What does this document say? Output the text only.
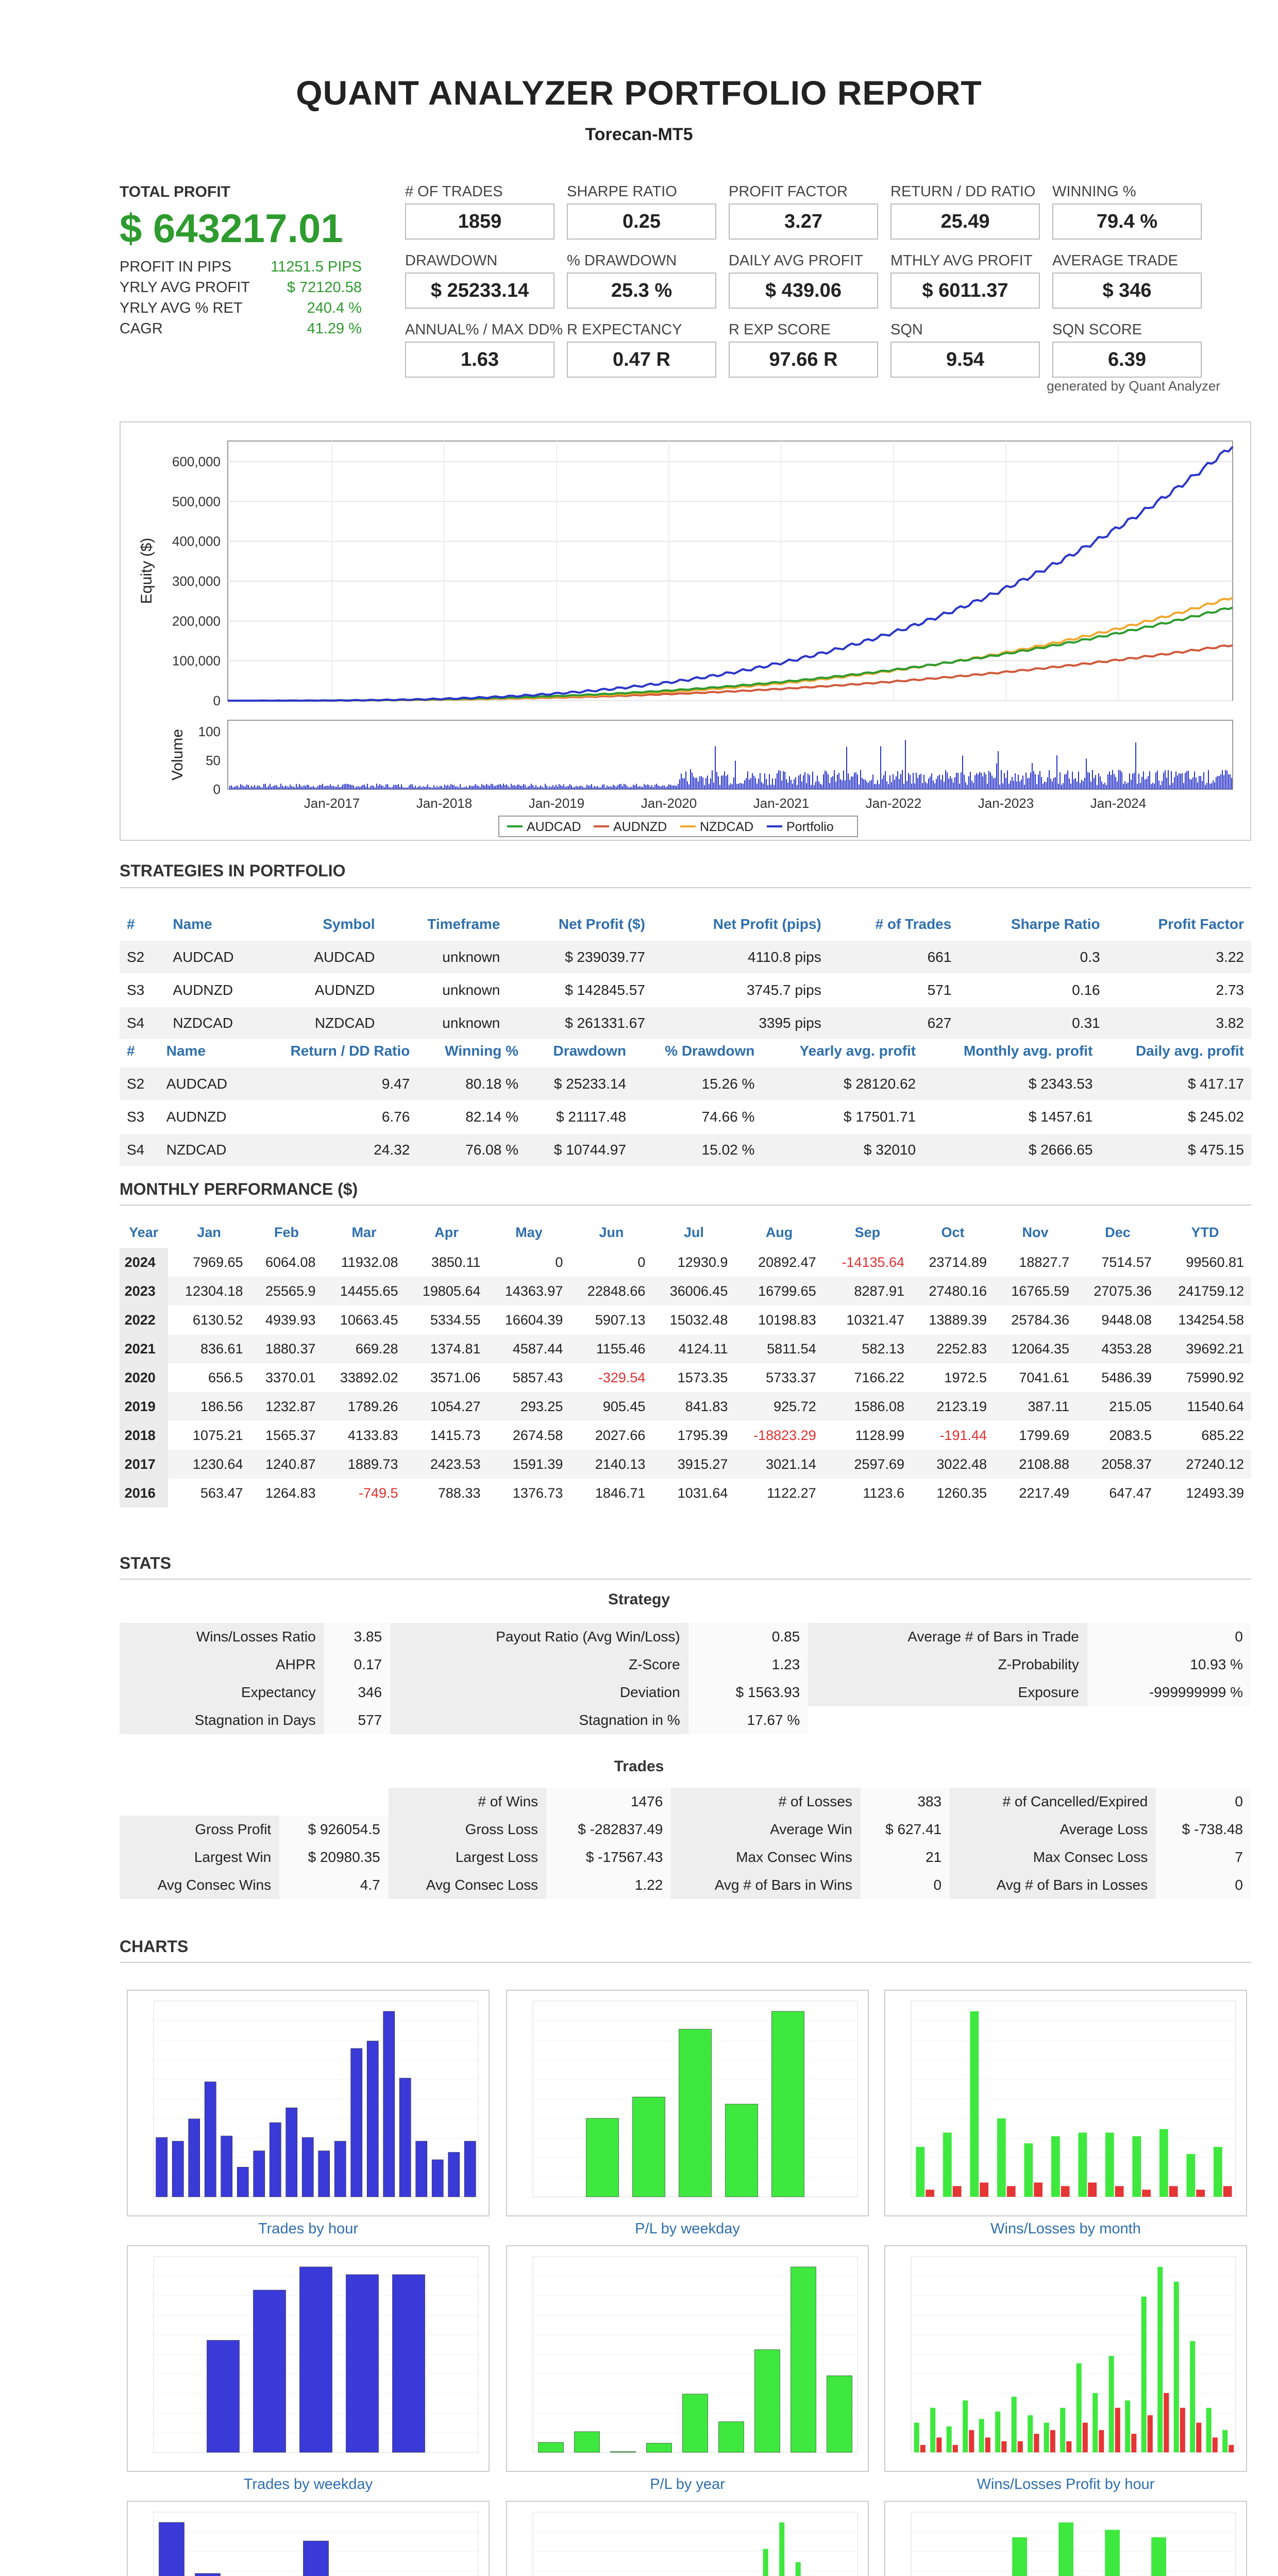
QUANT ANALYZER PORTFOLIO REPORT
Torecan-MT5
TOTAL PROFIT
$ 643217.01
PROFIT IN PIPS	11251.5 PIPS
YRLY AVG PROFIT $ 72120.58
YRLY AVG % RET	240.4 %
CAGR	41.29 %
# OF TRADES
1859
SHARPE RATIO
0.25
PROFIT FACTOR
3.27
RETURN / DD RATIO
25.49
WINNING %
79.4 %
DRAWDOWN
$ 25233.14
% DRAWDOWN
25.3 %
DAILY AVG PROFIT
$ 439.06
MTHLY AVG PROFIT
$ 6011.37
AVERAGE TRADE
$ 346
ANNUAL% / MAX DD%
1.63
R EXPECTANCY
0.47 R
R EXP SCORE
97.66 R
SQN
9.54
SQN SCORE
6.39
generated by Quant Analyzer
600,000
500,000
400,000
300,000
200,000
100,000
0
Equity ($)
100
50
0
Volume
Jan-2017	Jan-2018	Jan-2019	Jan-2020	Jan-2021	Jan-2022	Jan-2023	Jan-2024
AUDCAD AUDNZD	NZDCAD	Portfolio
STRATEGIES IN PORTFOLIO
#	Name	Symbol	Timeframe	Net Profit ($)	Net Profit (pips)	# of Trades	Sharpe Ratio	Profit Factor
S2	AUDCAD	AUDCAD	unknown	$ 239039.77	4110.8 pips	661	0.3	3.22
S3	AUDNZD	AUDNZD	unknown	$ 142845.57	3745.7 pips	571	0.16	2.73
S4	NZDCAD	NZDCAD	unknown	$ 261331.67	3395 pips	627	0.31	3.82
#	Name	Return / DD Ratio	Winning %	Drawdown	% Drawdown	Yearly avg. profit	Monthly avg. profit	Daily avg. profit
S2	AUDCAD	9.47	80.18 %	$ 25233.14	15.26 %	$ 28120.62	$ 2343.53	$ 417.17
S3	AUDNZD	6.76	82.14 %	$ 21117.48	74.66 %	$ 17501.71	$ 1457.61	$ 245.02
S4	NZDCAD	24.32	76.08 %	$ 10744.97	15.02 %	$ 32010	$ 2666.65	$ 475.15
MONTHLY PERFORMANCE ($)
Year	Jan	Feb	Mar	Apr	May	Jun	Jul	Aug	Sep	Oct	Nov	Dec	YTD
2024	7969.65	6064.08	11932.08	3850.11	0	0	12930.9	20892.47	-14135.64	23714.89	18827.7	7514.57	99560.81
2023	12304.18	25565.9	14455.65	19805.64	14363.97	22848.66	36006.45	16799.65	8287.91	27480.16	16765.59	27075.36	241759.12
2022	6130.52	4939.93	10663.45	5334.55	16604.39	5907.13	15032.48	10198.83	10321.47	13889.39	25784.36	9448.08	134254.58
2021	836.61	1880.37	669.28	1374.81	4587.44	1155.46	4124.11	5811.54	582.13	2252.83	12064.35	4353.28	39692.21
2020	656.5	3370.01	33892.02	3571.06	5857.43	-329.54	1573.35	5733.37	7166.22	1972.5	7041.61	5486.39	75990.92
2019	186.56	1232.87	1789.26	1054.27	293.25	905.45	841.83	925.72	1586.08	2123.19	387.11	215.05	11540.64
2018	1075.21	1565.37	4133.83	1415.73	2674.58	2027.66	1795.39	-18823.29	1128.99	-191.44	1799.69	2083.5	685.22
2017	1230.64	1240.87	1889.73	2423.53	1591.39	2140.13	3915.27	3021.14	2597.69	3022.48	2108.88	2058.37	27240.12
2016	563.47	1264.83	-749.5	788.33	1376.73	1846.71	1031.64	1122.27	1123.6	1260.35	2217.49	647.47	12493.39
STATS
Strategy
Wins/Losses Ratio	3.85	Payout Ratio (Avg Win/Loss)	0.85	Average # of Bars in Trade	0
AHPR	0.17	Z-Score	1.23	Z-Probability	10.93 %
Expectancy	346	Deviation	$ 1563.93	Exposure	-999999999 %
Stagnation in Days	577	Stagnation in %	17.67 %		
Trades
		# of Wins	1476	# of Losses	383	# of Cancelled/Expired	0
Gross Profit	$ 926054.5	Gross Loss	$ -282837.49	Average Win	$ 627.41	Average Loss	$ -738.48
Largest Win	$ 20980.35	Largest Loss	$ -17567.43	Max Consec Wins	21	Max Consec Loss	7
Avg Consec Wins	4.7	Avg Consec Loss	1.22	Avg # of Bars in Wins	0	Avg # of Bars in Losses	0
CHARTS
Trades by hour	P/L by weekday	Wins/Losses by month
Trades by weekday	P/L by year	Wins/Losses Profit by hour
